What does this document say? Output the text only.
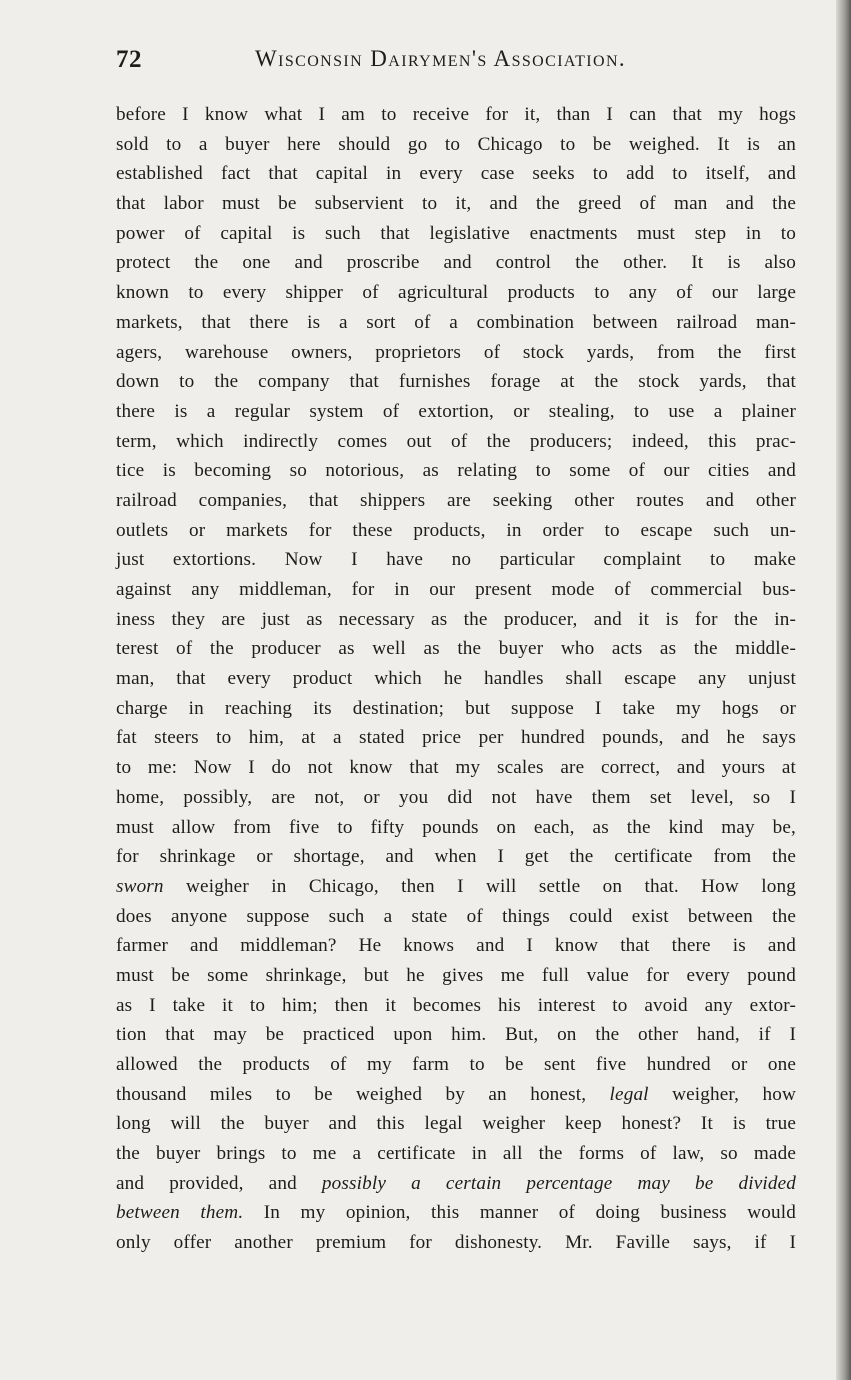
72	Wisconsin Dairymen's Association.
before I know what I am to receive for it, than I can that my hogs
sold to a buyer here should go to Chicago to be weighed. It is an
established fact that capital in every case seeks to add to itself, and
that labor must be subservient to it, and the greed of man and the
power of capital is such that legislative enactments must step in to
protect the one and proscribe and control the other. It is also
known to every shipper of agricultural products to any of our large
markets, that there is a sort of a combination between railroad man-
agers, warehouse owners, proprietors of stock yards, from the first
down to the company that furnishes forage at the stock yards, that
there is a regular system of extortion, or stealing, to use a plainer
term, which indirectly comes out of the producers; indeed, this prac-
tice is becoming so notorious, as relating to some of our cities and
railroad companies, that shippers are seeking other routes and other
outlets or markets for these products, in order to escape such un-
just extortions. Now I have no particular complaint to make
against any middleman, for in our present mode of commercial bus-
iness they are just as necessary as the producer, and it is for the in-
terest of the producer as well as the buyer who acts as the middle-
man, that every product which he handles shall escape any unjust
charge in reaching its destination; but suppose I take my hogs or
fat steers to him, at a stated price per hundred pounds, and he says
to me: Now I do not know that my scales are correct, and yours at
home, possibly, are not, or you did not have them set level, so I
must allow from five to fifty pounds on each, as the kind may be,
for shrinkage or shortage, and when I get the certificate from the
sworn weigher in Chicago, then I will settle on that. How long
does anyone suppose such a state of things could exist between the
farmer and middleman? He knows and I know that there is and
must be some shrinkage, but he gives me full value for every pound
as I take it to him; then it becomes his interest to avoid any extor-
tion that may be practiced upon him. But, on the other hand, if I
allowed the products of my farm to be sent five hundred or one
thousand miles to be weighed by an honest, legal weigher, how
long will the buyer and this legal weigher keep honest? It is true
the buyer brings to me a certificate in all the forms of law, so made
and provided, and possibly a certain percentage may be divided
between them. In my opinion, this manner of doing business would
only offer another premium for dishonesty. Mr. Faville says, if I
